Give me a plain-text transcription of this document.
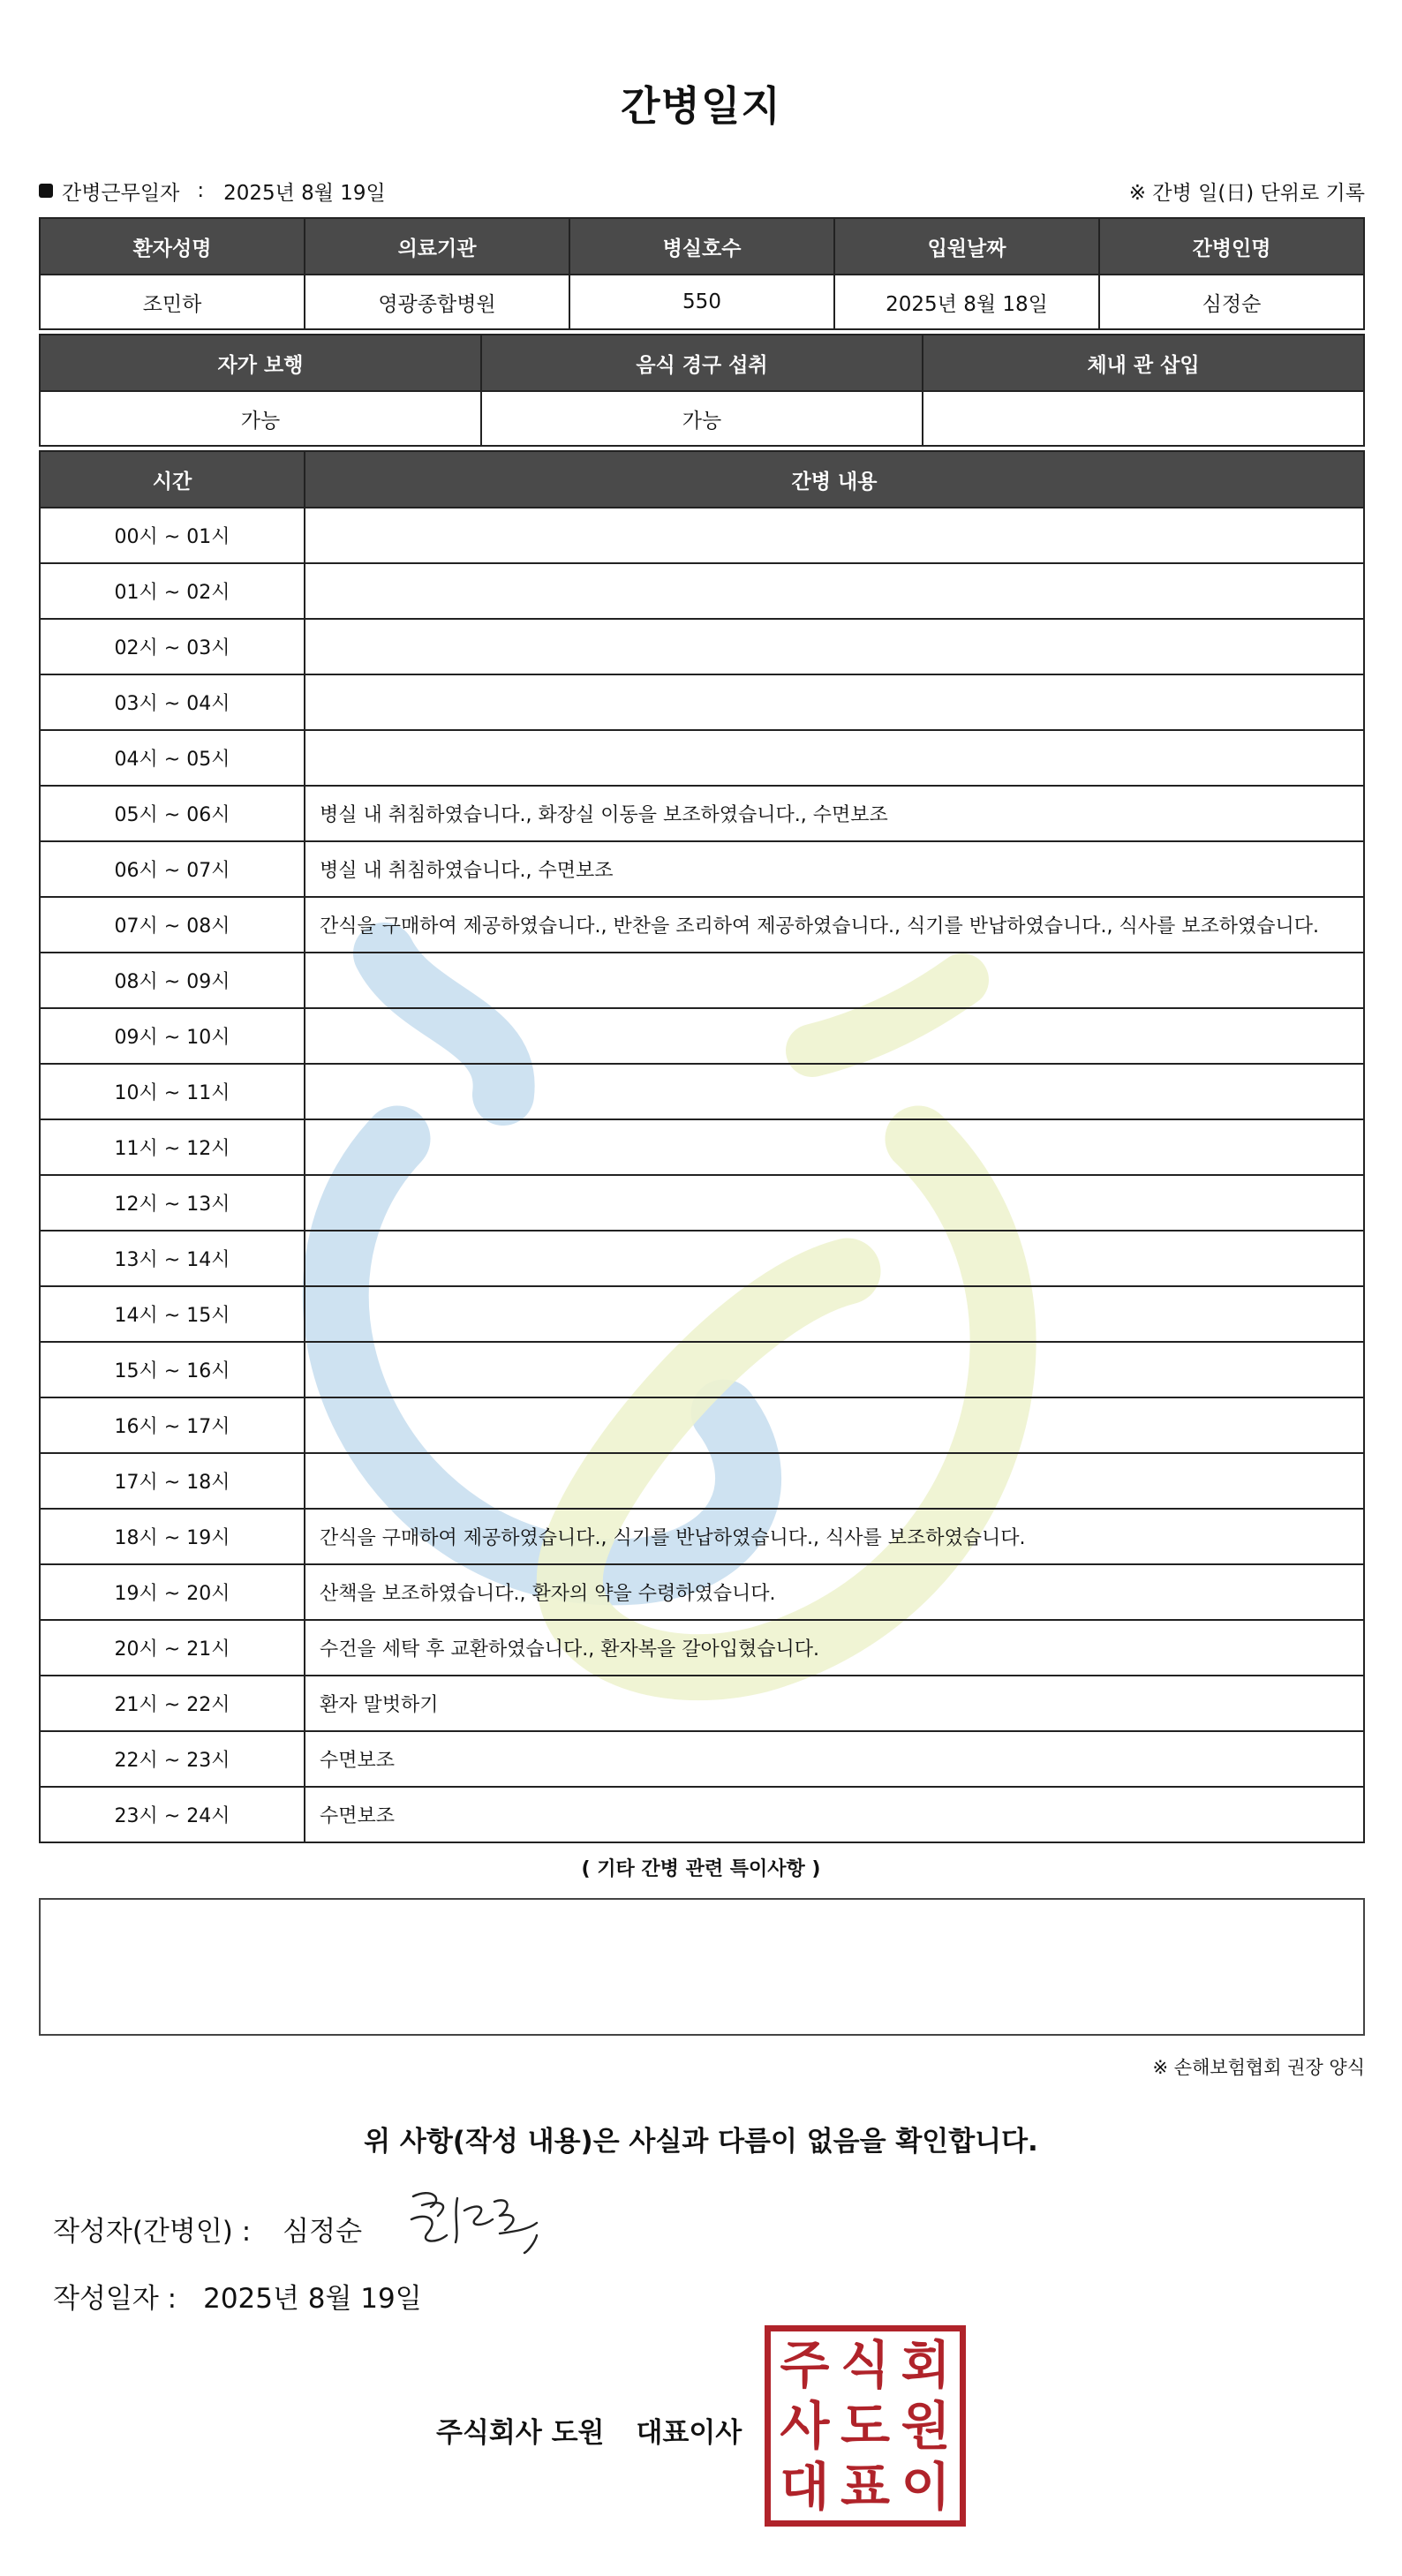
간병일지
간병근무일자 : 2025년 8월 19일	※ 간병 일(日) 단위로 기록
환자성명	의료기관	병실호수	입원날짜	간병인명
조민하	영광종합병원	550	2025년 8월 18일	심정순
자가 보행	음식 경구 섭취	체내 관 삽입
가능	가능	
시간	간병 내용
00시 ~ 01시	
01시 ~ 02시	
02시 ~ 03시	
03시 ~ 04시	
04시 ~ 05시	
05시 ~ 06시	병실 내 취침하였습니다., 화장실 이동을 보조하였습니다., 수면보조
06시 ~ 07시	병실 내 취침하였습니다., 수면보조
07시 ~ 08시	간식을 구매하여 제공하였습니다., 반찬을 조리하여 제공하였습니다., 식기를 반납하였습니다., 식사를 보조하였습니다.
08시 ~ 09시	
09시 ~ 10시	
10시 ~ 11시	
11시 ~ 12시	
12시 ~ 13시	
13시 ~ 14시	
14시 ~ 15시	
15시 ~ 16시	
16시 ~ 17시	
17시 ~ 18시	
18시 ~ 19시	간식을 구매하여 제공하였습니다., 식기를 반납하였습니다., 식사를 보조하였습니다.
19시 ~ 20시	산책을 보조하였습니다., 환자의 약을 수령하였습니다.
20시 ~ 21시	수건을 세탁 후 교환하였습니다., 환자복을 갈아입혔습니다.
21시 ~ 22시	환자 말벗하기
22시 ~ 23시	수면보조
23시 ~ 24시	수면보조
( 기타 간병 관련 특이사항 )
※ 손해보험협회 권장 양식
위 사항(작성 내용)은 사실과 다름이 없음을 확인합니다.
작성자(간병인) : 심정순
작성일자 : 2025년 8월 19일
주식회사 도원 대표이사
주 식 회
사 도 원
대 표 이
